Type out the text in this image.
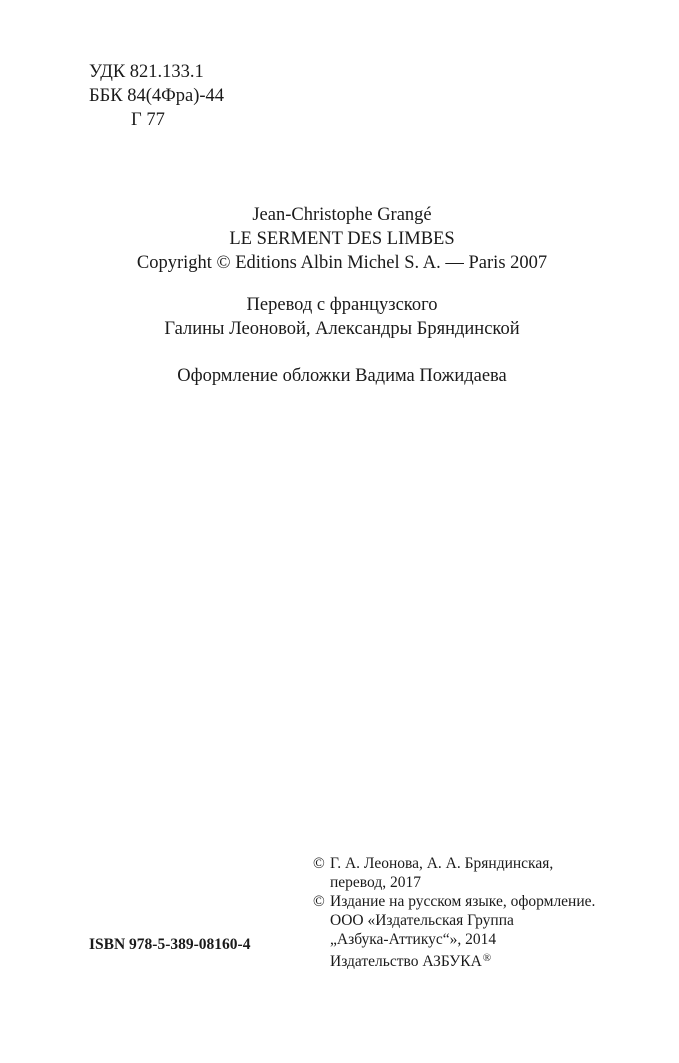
УДК 821.133.1
ББК 84(4Фра)-44
Г 77
Jean-Christophe Grangé
LE SERMENT DES LIMBES
Copyright © Editions Albin Michel S. A. — Paris 2007
Перевод с французского
Галины Леоновой, Александры Бряндинской
Оформление обложки Вадима Пожидаева
© Г. А. Леонова, А. А. Бряндинская,
перевод, 2017
© Издание на русском языке, оформление.
ООО «Издательская Группа
„Азбука-Аттикус“», 2014
Издательство АЗБУКА®
ISBN 978-5-389-08160-4
